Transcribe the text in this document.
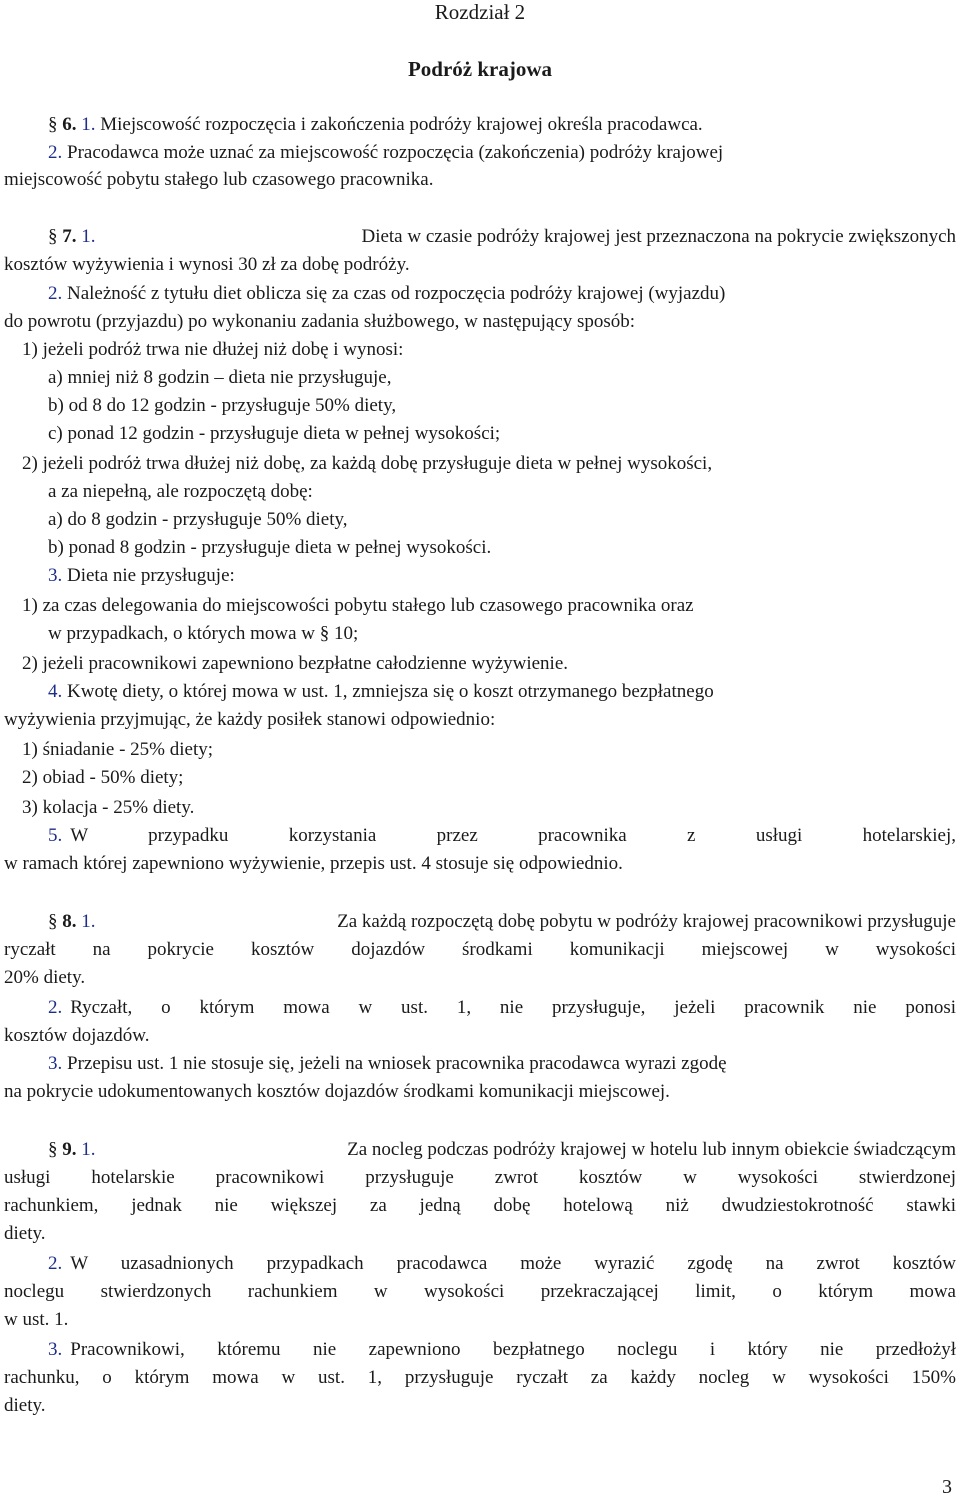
Rozdział 2
Podróż krajowa
§ 6. 1. Miejscowość rozpoczęcia i zakończenia podróży krajowej określa pracodawca.
2. Pracodawca może uznać za miejscowość rozpoczęcia (zakończenia) podróży krajowej
miejscowość pobytu stałego lub czasowego pracownika.
§ 7. 1.	Dieta w czasie podróży krajowej jest przeznaczona na pokrycie zwiększonych
kosztów wyżywienia i wynosi 30 zł za dobę podróży.
2. Należność z tytułu diet oblicza się za czas od rozpoczęcia podróży krajowej (wyjazdu)
do powrotu (przyjazdu) po wykonaniu zadania służbowego, w następujący sposób:
1) jeżeli podróż trwa nie dłużej niż dobę i wynosi:
a) mniej niż 8 godzin – dieta nie przysługuje,
b) od 8 do 12 godzin - przysługuje 50% diety,
c) ponad 12 godzin - przysługuje dieta w pełnej wysokości;
2) jeżeli podróż trwa dłużej niż dobę, za każdą dobę przysługuje dieta w pełnej wysokości,
a za niepełną, ale rozpoczętą dobę:
a) do 8 godzin - przysługuje 50% diety,
b) ponad 8 godzin - przysługuje dieta w pełnej wysokości.
3. Dieta nie przysługuje:
1) za czas delegowania do miejscowości pobytu stałego lub czasowego pracownika oraz
w przypadkach, o których mowa w § 10;
2) jeżeli pracownikowi zapewniono bezpłatne całodzienne wyżywienie.
4. Kwotę diety, o której mowa w ust. 1, zmniejsza się o koszt otrzymanego bezpłatnego
wyżywienia przyjmując, że każdy posiłek stanowi odpowiednio:
1) śniadanie - 25% diety;
2) obiad - 50% diety;
3) kolacja - 25% diety.
5. W przypadku korzystania przez pracownika z usługi hotelarskiej,
w ramach której zapewniono wyżywienie, przepis ust. 4 stosuje się odpowiednio.
§ 8. 1.	Za każdą rozpoczętą dobę pobytu w podróży krajowej pracownikowi przysługuje
ryczałt na pokrycie kosztów dojazdów środkami komunikacji miejscowej w wysokości
20% diety.
2. Ryczałt, o którym mowa w ust. 1, nie przysługuje, jeżeli pracownik nie ponosi
kosztów dojazdów.
3. Przepisu ust. 1 nie stosuje się, jeżeli na wniosek pracownika pracodawca wyrazi zgodę
na pokrycie udokumentowanych kosztów dojazdów środkami komunikacji miejscowej.
§ 9. 1.	Za nocleg podczas podróży krajowej w hotelu lub innym obiekcie świadczącym
usługi hotelarskie pracownikowi przysługuje zwrot kosztów w wysokości stwierdzonej
rachunkiem, jednak nie większej za jedną dobę hotelową niż dwudziestokrotność stawki
diety.
2. W uzasadnionych przypadkach pracodawca może wyrazić zgodę na zwrot kosztów
noclegu stwierdzonych rachunkiem w wysokości przekraczającej limit, o którym mowa
w ust. 1.
3. Pracownikowi, któremu nie zapewniono bezpłatnego noclegu i który nie przedłożył
rachunku, o którym mowa w ust. 1, przysługuje ryczałt za każdy nocleg w wysokości 150%
diety.
3
